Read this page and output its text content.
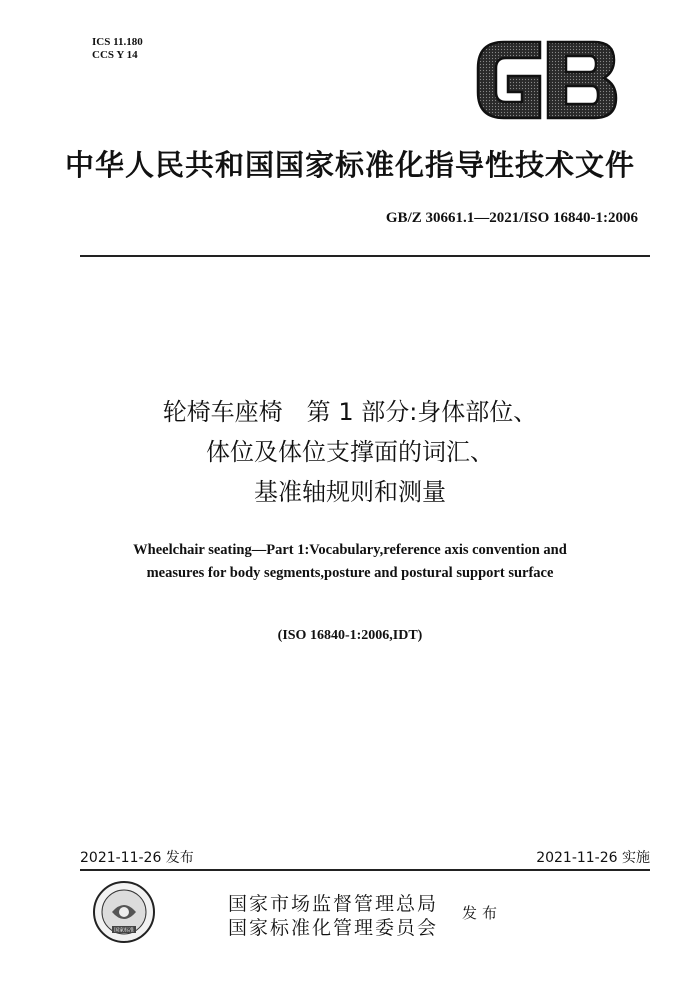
ICS 11.180
CCS Y 14
GB
中华人民共和国国家标准化指导性技术文件
GB/Z 30661.1—2021/ISO 16840-1:2006
轮椅车座椅　第 1 部分:身体部位、
体位及体位支撑面的词汇、
基准轴规则和测量
Wheelchair seating—Part 1:Vocabulary,reference axis convention and
measures for body segments,posture and postural support surface
(ISO 16840-1:2006,IDT)
2021-11-26 发布	2021-11-26 实施
国家标准
国家市场监督管理总局
国家标准化管理委员会
发布
